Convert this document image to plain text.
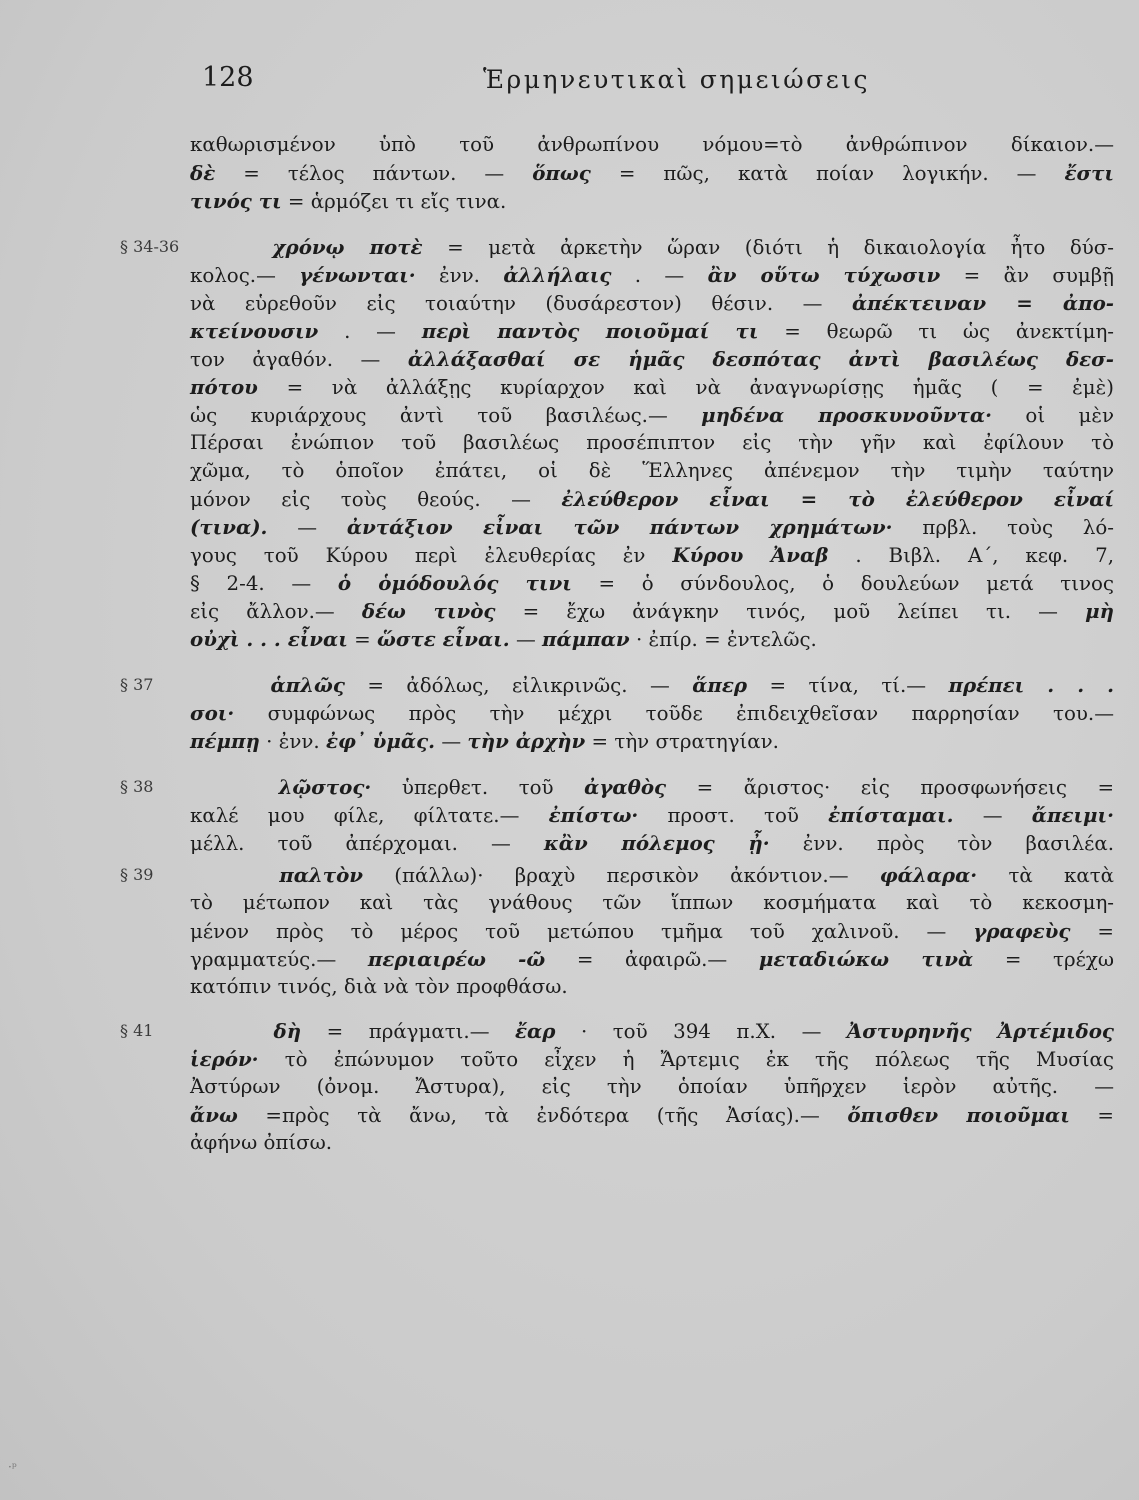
128	Ἑρμηνευτικαὶ σημειώσεις
§ 34-36
§ 37
§ 38
§ 39
§ 41
καθωρισμένον ὑπὸ τοῦ ἀνθρωπίνου νόμου=τὸ ἀνθρώπινον δίκαιον.—
δὲ = τέλος πάντων. — ὅπως = πῶς, κατὰ ποίαν λογικήν. — ἔστι
τινός τι = ἁρμόζει τι εἴς τινα.
χρόνῳ ποτὲ = μετὰ ἀρκετὴν ὥραν (διότι ἡ δικαιολογία ἦτο δύσ-
κολος.— γένωνται· ἐνν. ἀλλήλαις . — ἂν οὕτω τύχωσιν = ἂν συμβῇ
νὰ εὑρεθοῦν εἰς τοιαύτην (δυσάρεστον) θέσιν. — ἀπέκτειναν = ἀπο-
κτείνουσιν . — περὶ παντὸς ποιοῦμαί τι = θεωρῶ τι ὡς ἀνεκτίμη-
τον ἀγαθόν. — ἀλλάξασθαί σε ἡμᾶς δεσπότας ἀντὶ βασιλέως δεσ-
πότου = νὰ ἀλλάξῃς κυρίαρχον καὶ νὰ ἀναγνωρίσῃς ἡμᾶς ( = ἐμὲ)
ὡς κυριάρχους ἀντὶ τοῦ βασιλέως.— μηδένα προσκυνοῦντα· οἱ μὲν
Πέρσαι ἐνώπιον τοῦ βασιλέως προσέπιπτον εἰς τὴν γῆν καὶ ἐφίλουν τὸ
χῶμα, τὸ ὁποῖον ἐπάτει, οἱ δὲ Ἕλληνες ἀπένεμον τὴν τιμὴν ταύτην
μόνον εἰς τοὺς θεούς. — ἐλεύθερον εἶναι = τὸ ἐλεύθερον εἶναί
(τινα). — ἀντάξιον εἶναι τῶν πάντων χρημάτων· πρβλ. τοὺς λό-
γους τοῦ Κύρου περὶ ἐλευθερίας ἐν Κύρου Ἀναβ . Βιβλ. Α΄, κεφ. 7,
§ 2-4. — ὁ ὁμόδουλός τινι = ὁ σύνδουλος, ὁ δουλεύων μετά τινος
εἰς ἄλλον.— δέω τινὸς = ἔχω ἀνάγκην τινός, μοῦ λείπει τι. — μὴ
οὐχὶ . . . εἶναι = ὥστε εἶναι. — πάμπαν · ἐπίρ. = ἐντελῶς.
ἁπλῶς = ἀδόλως, εἰλικρινῶς. — ἅπερ = τίνα, τί.— πρέπει . . .
σοι· συμφώνως πρὸς τὴν μέχρι τοῦδε ἐπιδειχθεῖσαν παρρησίαν του.—
πέμπῃ · ἐνν. ἐφ᾽ ὑμᾶς. — τὴν ἀρχὴν = τὴν στρατηγίαν.
λῷστος· ὑπερθετ. τοῦ ἀγαθὸς = ἄριστος· εἰς προσφωνήσεις =
καλέ μου φίλε, φίλτατε.— ἐπίστω· προστ. τοῦ ἐπίσταμαι. — ἄπειμι·
μέλλ. τοῦ ἀπέρχομαι. — κἂν πόλεμος ᾖ· ἐνν. πρὸς τὸν βασιλέα.
παλτὸν (πάλλω)· βραχὺ περσικὸν ἀκόντιον.— φάλαρα· τὰ κατὰ
τὸ μέτωπον καὶ τὰς γνάθους τῶν ἵππων κοσμήματα καὶ τὸ κεκοσμη-
μένον πρὸς τὸ μέρος τοῦ μετώπου τμῆμα τοῦ χαλινοῦ. — γραφεὺς =
γραμματεύς.— περιαιρέω -ῶ = ἀφαιρῶ.— μεταδιώκω τινὰ = τρέχω
κατόπιν τινός, διὰ νὰ τὸν προφθάσω.
δὴ = πράγματι.— ἔαρ · τοῦ 394 π.Χ. — Ἀστυρηνῆς Ἀρτέμιδος
ἱερόν· τὸ ἐπώνυμον τοῦτο εἶχεν ἡ Ἄρτεμις ἐκ τῆς πόλεως τῆς Μυσίας
Ἀστύρων (ὀνομ. Ἄστυρα), εἰς τὴν ὁποίαν ὑπῆρχεν ἱερὸν αὐτῆς. —
ἄνω =πρὸς τὰ ἄνω, τὰ ἐνδότερα (τῆς Ἀσίας).— ὄπισθεν ποιοῦμαι =
ἀφήνω ὀπίσω.
·ᵖ
